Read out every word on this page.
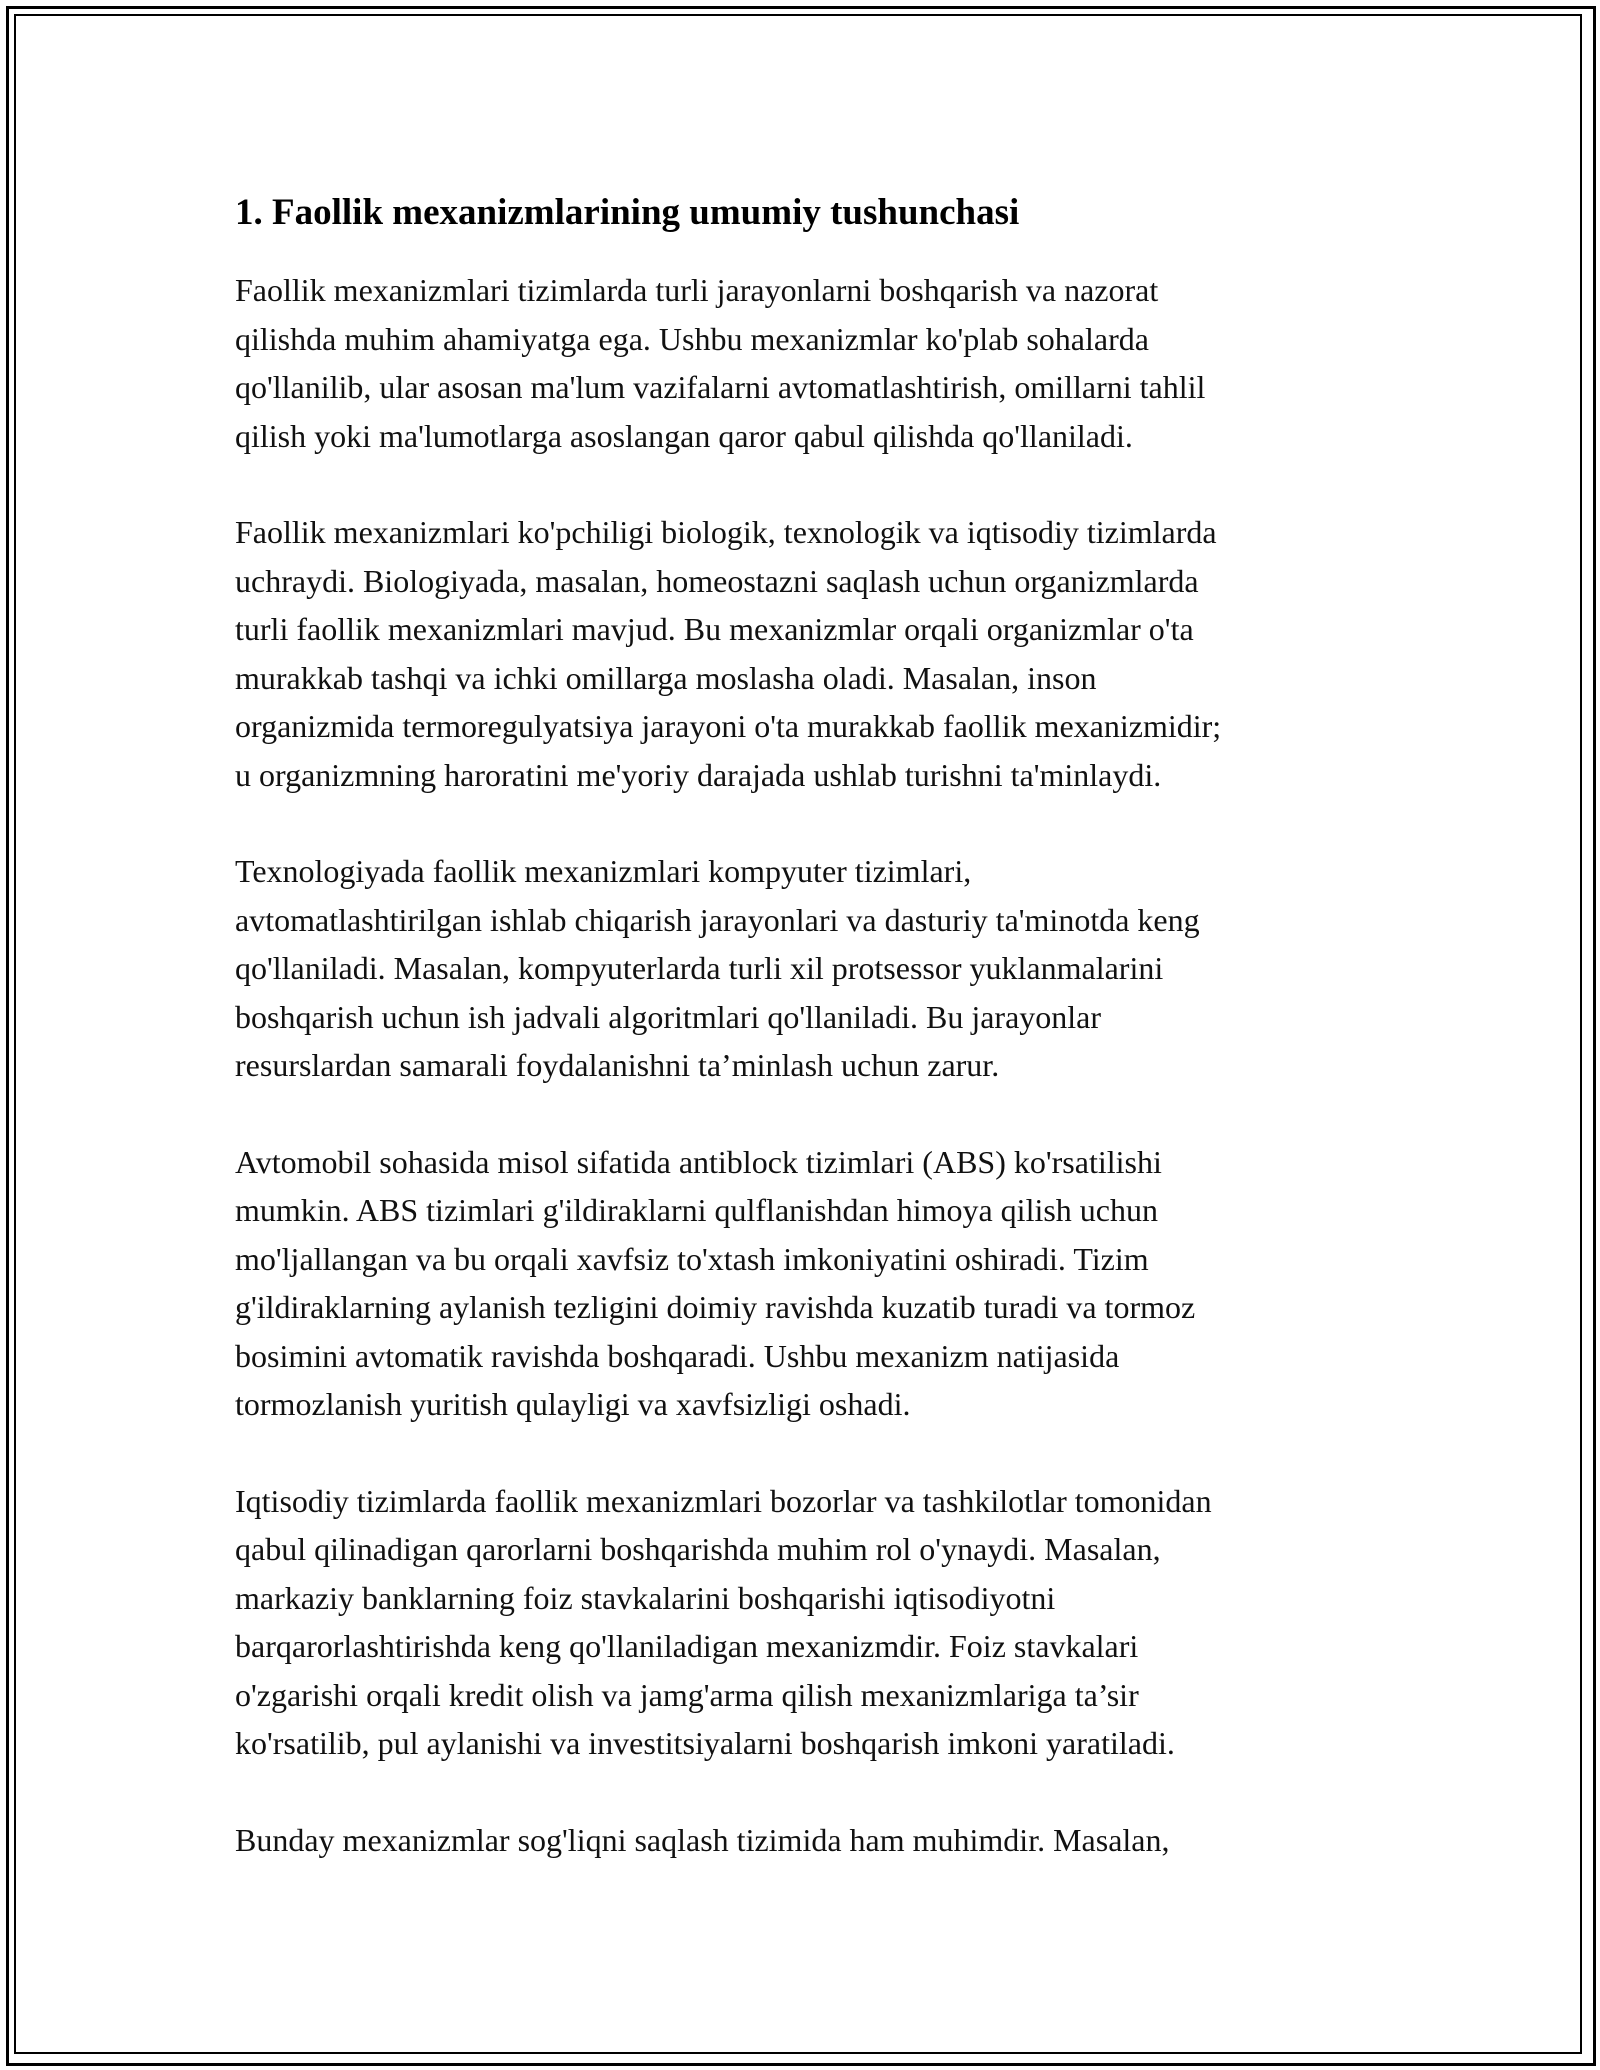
1. Faollik mexanizmlarining umumiy tushunchasi

Faollik mexanizmlari tizimlarda turli jarayonlarni boshqarish va nazorat
qilishda muhim ahamiyatga ega. Ushbu mexanizmlar ko'plab sohalarda
qo'llanilib, ular asosan ma'lum vazifalarni avtomatlashtirish, omillarni tahlil
qilish yoki ma'lumotlarga asoslangan qaror qabul qilishda qo'llaniladi.

Faollik mexanizmlari ko'pchiligi biologik, texnologik va iqtisodiy tizimlarda
uchraydi. Biologiyada, masalan, homeostazni saqlash uchun organizmlarda
turli faollik mexanizmlari mavjud. Bu mexanizmlar orqali organizmlar o'ta
murakkab tashqi va ichki omillarga moslasha oladi. Masalan, inson
organizmida termoregulyatsiya jarayoni o'ta murakkab faollik mexanizmidir;
u organizmning haroratini me'yoriy darajada ushlab turishni ta'minlaydi.

Texnologiyada faollik mexanizmlari kompyuter tizimlari,
avtomatlashtirilgan ishlab chiqarish jarayonlari va dasturiy ta'minotda keng
qo'llaniladi. Masalan, kompyuterlarda turli xil protsessor yuklanmalarini
boshqarish uchun ish jadvali algoritmlari qo'llaniladi. Bu jarayonlar
resurslardan samarali foydalanishni ta’minlash uchun zarur.

Avtomobil sohasida misol sifatida antiblock tizimlari (ABS) ko'rsatilishi
mumkin. ABS tizimlari g'ildiraklarni qulflanishdan himoya qilish uchun
mo'ljallangan va bu orqali xavfsiz to'xtash imkoniyatini oshiradi. Tizim
g'ildiraklarning aylanish tezligini doimiy ravishda kuzatib turadi va tormoz
bosimini avtomatik ravishda boshqaradi. Ushbu mexanizm natijasida
tormozlanish yuritish qulayligi va xavfsizligi oshadi.

Iqtisodiy tizimlarda faollik mexanizmlari bozorlar va tashkilotlar tomonidan
qabul qilinadigan qarorlarni boshqarishda muhim rol o'ynaydi. Masalan,
markaziy banklarning foiz stavkalarini boshqarishi iqtisodiyotni
barqarorlashtirishda keng qo'llaniladigan mexanizmdir. Foiz stavkalari
o'zgarishi orqali kredit olish va jamg'arma qilish mexanizmlariga ta’sir
ko'rsatilib, pul aylanishi va investitsiyalarni boshqarish imkoni yaratiladi.

Bunday mexanizmlar sog'liqni saqlash tizimida ham muhimdir. Masalan,
